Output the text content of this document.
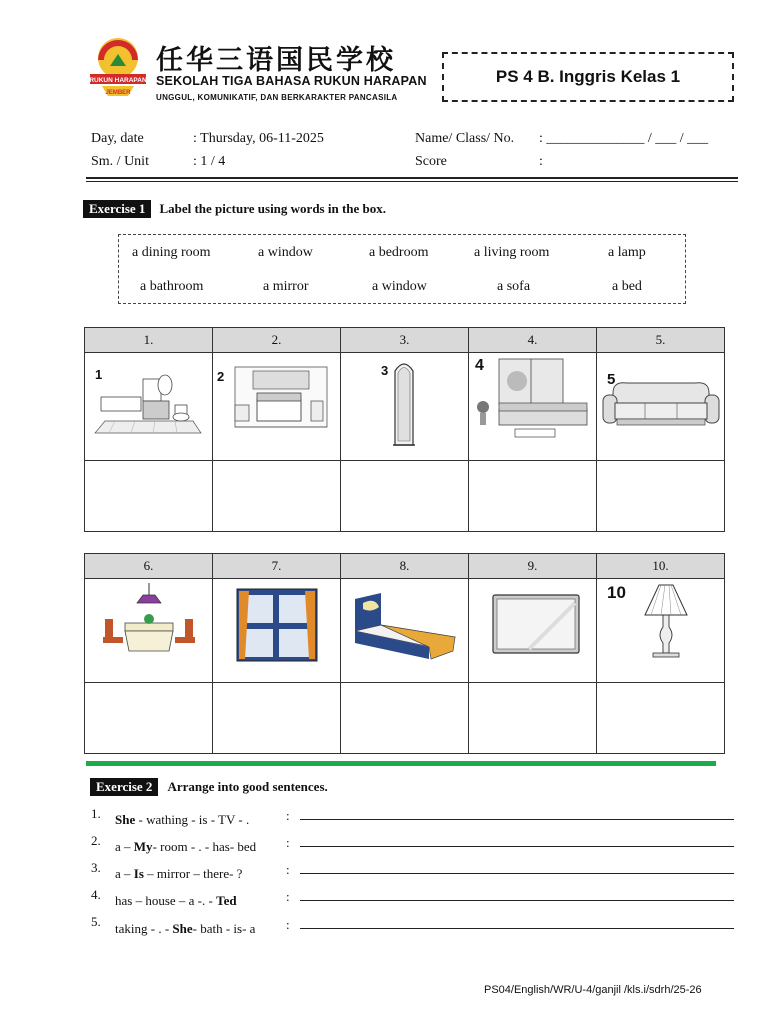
RUKUN HARAPAN
JEMBER
任华三语国民学校
SEKOLAH TIGA BAHASA RUKUN HARAPAN
UNGGUL, KOMUNIKATIF, DAN BERKARAKTER PANCASILA
PS 4 B. Inggris Kelas 1
Day, date	: Thursday, 06-11-2025
Sm. / Unit	: 1 / 4
Name/ Class/ No. : ______________ / ___ / ___
Score	:
Exercise 1 Label the picture using words in the box.
a dining room	a window	a bedroom	a living room	a lamp
a bathroom	a mirror	a window	a sofa	a bed
1.	2.	3.	4.	5.

1	2	3	4	5

6.	7.	8.	9.	10.

10

Exercise 2 Arrange into good sentences.
1. She - wathing - is - TV - .	:
2. a – My- room - . - has- bed :
3. a – Is – mirror – there- ?	:
4. has – house – a -. - Ted	:
5. taking - . - She- bath - is- a :
PS04/English/WR/U-4/ganjil /kls.i/sdrh/25-26
